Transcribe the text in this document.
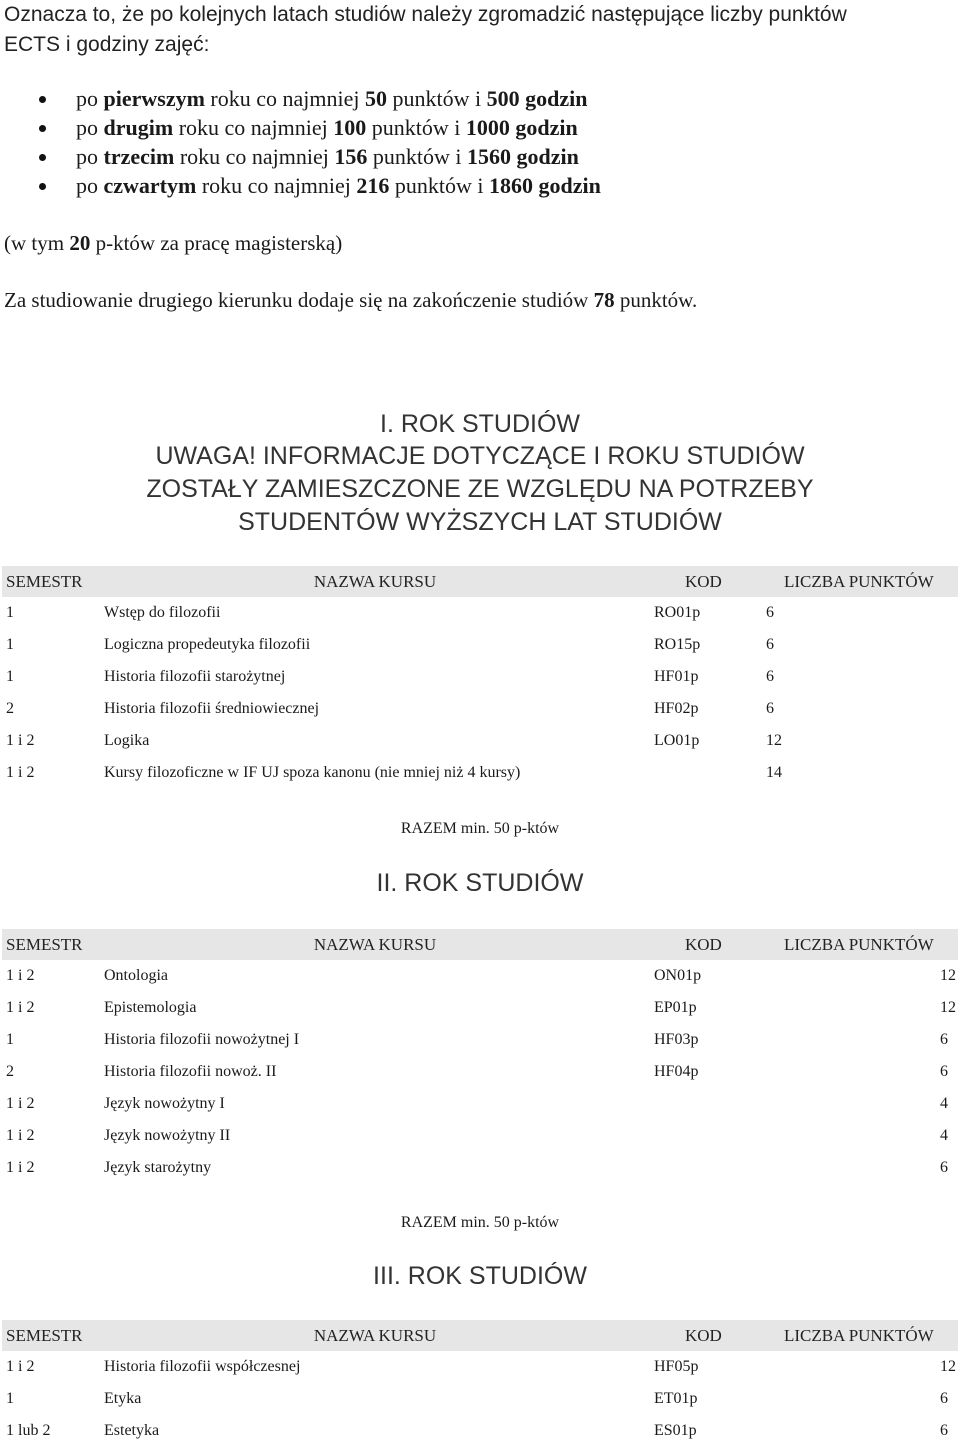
Oznacza to, że po kolejnych latach studiów należy zgromadzić następujące liczby punktów
ECTS i godziny zajęć:
po pierwszym roku co najmniej 50 punktów i 500 godzin
po drugim roku co najmniej 100 punktów i 1000 godzin
po trzecim roku co najmniej 156 punktów i 1560 godzin
po czwartym roku co najmniej 216 punktów i 1860 godzin
(w tym 20 p-któw za pracę magisterską)
Za studiowanie drugiego kierunku dodaje się na zakończenie studiów 78 punktów.
I. ROK STUDIÓW
UWAGA! INFORMACJE DOTYCZĄCE I ROKU STUDIÓW
ZOSTAŁY ZAMIESZCZONE ZE WZGLĘDU NA POTRZEBY
STUDENTÓW WYŻSZYCH LAT STUDIÓW
SEMESTR	NAZWA KURSU	KOD	LICZBA PUNKTÓW
1	Wstęp do filozofii	RO01p	6
1	Logiczna propedeutyka filozofii	RO15p	6
1	Historia filozofii starożytnej	HF01p	6
2	Historia filozofii średniowiecznej	HF02p	6
1 i 2	Logika	LO01p	12
1 i 2	Kursy filozoficzne w IF UJ spoza kanonu (nie mniej niż 4 kursy)		14
RAZEM min. 50 p-któw
II. ROK STUDIÓW
SEMESTR	NAZWA KURSU	KOD	LICZBA PUNKTÓW
1 i 2	Ontologia	ON01p	12
1 i 2	Epistemologia	EP01p	12
1	Historia filozofii nowożytnej I	HF03p	6
2	Historia filozofii nowoż. II	HF04p	6
1 i 2	Język nowożytny I		4
1 i 2	Język nowożytny II		4
1 i 2	Język starożytny		6
RAZEM min. 50 p-któw
III. ROK STUDIÓW
SEMESTR	NAZWA KURSU	KOD	LICZBA PUNKTÓW
1 i 2	Historia filozofii współczesnej	HF05p	12
1	Etyka	ET01p	6
1 lub 2	Estetyka	ES01p	6
